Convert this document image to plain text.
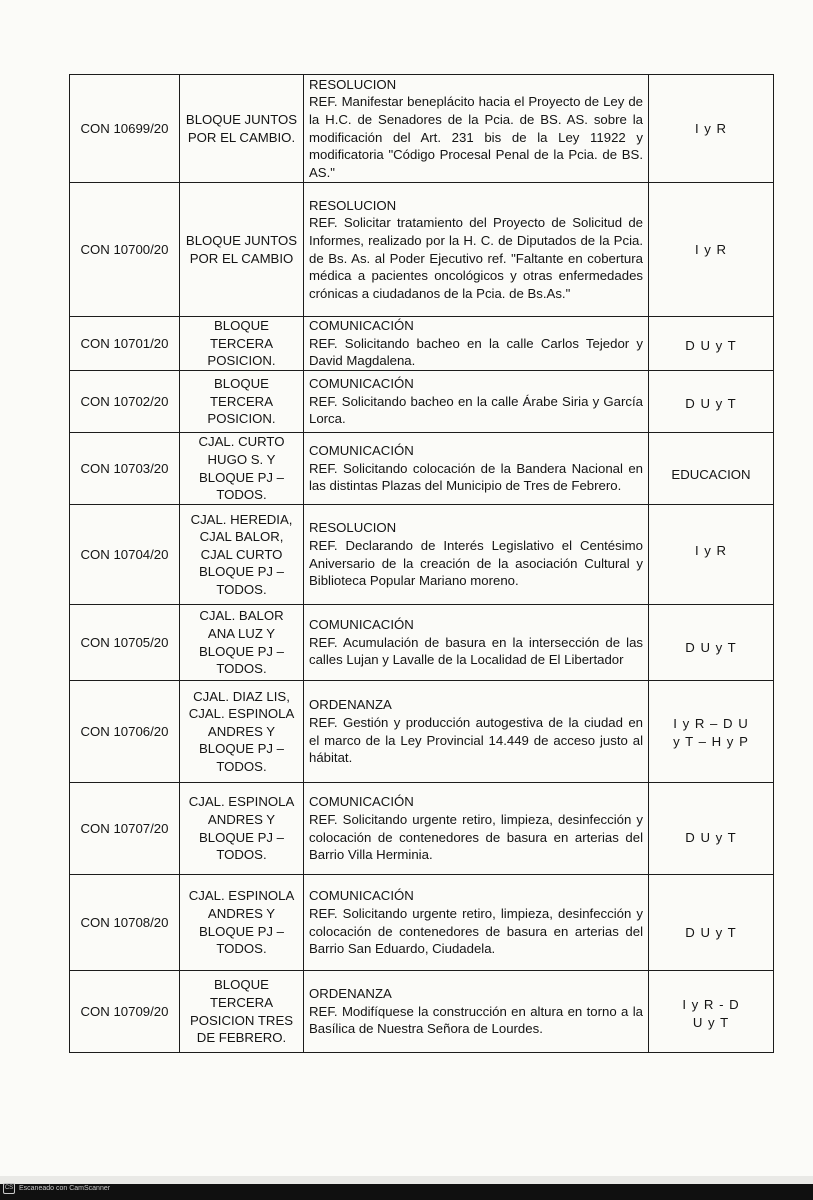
CON 10699/20	BLOQUE JUNTOS POR EL CAMBIO.	RESOLUCION
REF. Manifestar beneplácito hacia el Proyecto de Ley de la H.C. de Senadores de la Pcia. de BS. AS. sobre la modificación del Art. 231 bis de la Ley 11922 y modificatoria "Código Procesal Penal de la Pcia. de BS. AS."	I y R
CON 10700/20	BLOQUE JUNTOS POR EL CAMBIO	RESOLUCION
REF. Solicitar tratamiento del Proyecto de Solicitud de Informes, realizado por la H. C. de Diputados de la Pcia. de Bs. As. al Poder Ejecutivo ref. "Faltante en cobertura médica a pacientes oncológicos y otras enfermedades crónicas a ciudadanos de la Pcia. de Bs.As."	I y R
CON 10701/20	BLOQUE TERCERA POSICION.	COMUNICACIÓN
REF. Solicitando bacheo en la calle Carlos Tejedor y David Magdalena.	D U y T
CON 10702/20	BLOQUE TERCERA POSICION.	COMUNICACIÓN
REF. Solicitando bacheo en la calle Árabe Siria y García Lorca.	D U y T
CON 10703/20	CJAL. CURTO HUGO S. Y BLOQUE PJ – TODOS.	COMUNICACIÓN
REF. Solicitando colocación de la Bandera Nacional en las distintas Plazas del Municipio de Tres de Febrero.	EDUCACION
CON 10704/20	CJAL. HEREDIA, CJAL BALOR, CJAL CURTO BLOQUE PJ – TODOS.	RESOLUCION
REF. Declarando de Interés Legislativo el Centésimo Aniversario de la creación de la asociación Cultural y Biblioteca Popular Mariano moreno.	I y R
CON 10705/20	CJAL. BALOR ANA LUZ Y BLOQUE PJ – TODOS.	COMUNICACIÓN
REF. Acumulación de basura en la intersección de las calles Lujan y Lavalle de la Localidad de El Libertador	D U y T
CON 10706/20	CJAL. DIAZ LIS, CJAL. ESPINOLA ANDRES Y BLOQUE PJ – TODOS.	ORDENANZA
REF. Gestión y producción autogestiva de la ciudad en el marco de la Ley Provincial 14.449 de acceso justo al hábitat.	I y R – D U y T – H y P
CON 10707/20	CJAL. ESPINOLA ANDRES Y BLOQUE PJ – TODOS.	COMUNICACIÓN
REF. Solicitando urgente retiro, limpieza, desinfección y colocación de contenedores de basura en arterias del Barrio Villa Herminia.	D U y T
CON 10708/20	CJAL. ESPINOLA ANDRES Y BLOQUE PJ – TODOS.	COMUNICACIÓN
REF. Solicitando urgente retiro, limpieza, desinfección y colocación de contenedores de basura en arterias del Barrio San Eduardo, Ciudadela.	D U y T
CON 10709/20	BLOQUE TERCERA POSICION TRES DE FEBRERO.	ORDENANZA
REF. Modifíquese la construcción en altura en torno a la Basílica de Nuestra Señora de Lourdes.	I y R - D U y T
CS Escaneado con CamScanner
